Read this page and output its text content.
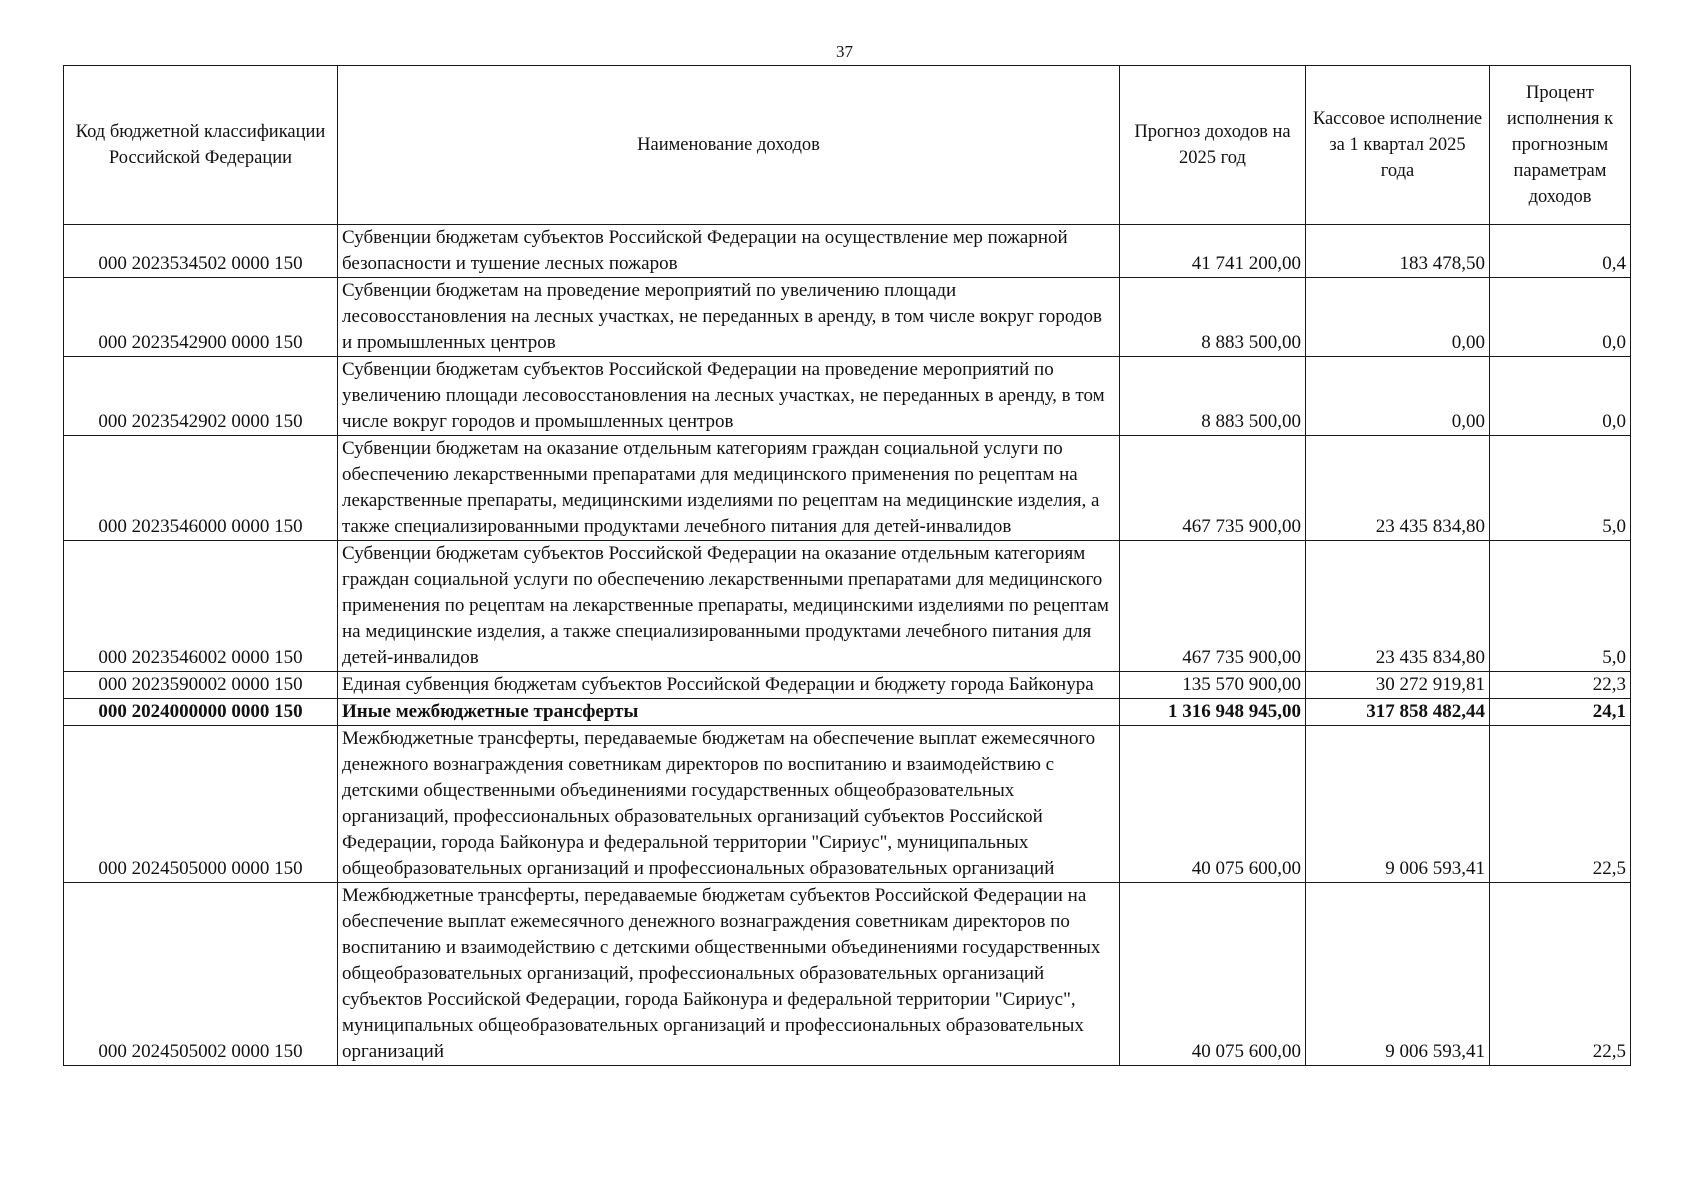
37
Код бюджетной классификации Российской Федерации	Наименование доходов	Прогноз доходов на 2025 год	Кассовое исполнение за 1 квартал 2025 года	Процент исполнения к прогнозным параметрам доходов
000 2023534502 0000 150	Субвенции бюджетам субъектов Российской Федерации на осуществление мер пожарной безопасности и тушение лесных пожаров	41 741 200,00	183 478,50	0,4
000 2023542900 0000 150	Субвенции бюджетам на проведение мероприятий по увеличению площади лесовосстановления на лесных участках, не переданных в аренду, в том числе вокруг городов и промышленных центров	8 883 500,00	0,00	0,0
000 2023542902 0000 150	Субвенции бюджетам субъектов Российской Федерации на проведение мероприятий по увеличению площади лесовосстановления на лесных участках, не переданных в аренду, в том числе вокруг городов и промышленных центров	8 883 500,00	0,00	0,0
000 2023546000 0000 150	Субвенции бюджетам на оказание отдельным категориям граждан социальной услуги по обеспечению лекарственными препаратами для медицинского применения по рецептам на лекарственные препараты, медицинскими изделиями по рецептам на медицинские изделия, а также специализированными продуктами лечебного питания для детей-инвалидов	467 735 900,00	23 435 834,80	5,0
000 2023546002 0000 150	Субвенции бюджетам субъектов Российской Федерации на оказание отдельным категориям граждан социальной услуги по обеспечению лекарственными препаратами для медицинского применения по рецептам на лекарственные препараты, медицинскими изделиями по рецептам на медицинские изделия, а также специализированными продуктами лечебного питания для детей-инвалидов	467 735 900,00	23 435 834,80	5,0
000 2023590002 0000 150	Единая субвенция бюджетам субъектов Российской Федерации и бюджету города Байконура	135 570 900,00	30 272 919,81	22,3
000 2024000000 0000 150	Иные межбюджетные трансферты	1 316 948 945,00	317 858 482,44	24,1
000 2024505000 0000 150	Межбюджетные трансферты, передаваемые бюджетам на обеспечение выплат ежемесячного денежного вознаграждения советникам директоров по воспитанию и взаимодействию с детскими общественными объединениями государственных общеобразовательных организаций, профессиональных образовательных организаций субъектов Российской Федерации, города Байконура и федеральной территории "Сириус", муниципальных общеобразовательных организаций и профессиональных образовательных организаций	40 075 600,00	9 006 593,41	22,5
000 2024505002 0000 150	Межбюджетные трансферты, передаваемые бюджетам субъектов Российской Федерации на обеспечение выплат ежемесячного денежного вознаграждения советникам директоров по воспитанию и взаимодействию с детскими общественными объединениями государственных общеобразовательных организаций, профессиональных образовательных организаций субъектов Российской Федерации, города Байконура и федеральной территории "Сириус", муниципальных общеобразовательных организаций и профессиональных образовательных организаций	40 075 600,00	9 006 593,41	22,5
